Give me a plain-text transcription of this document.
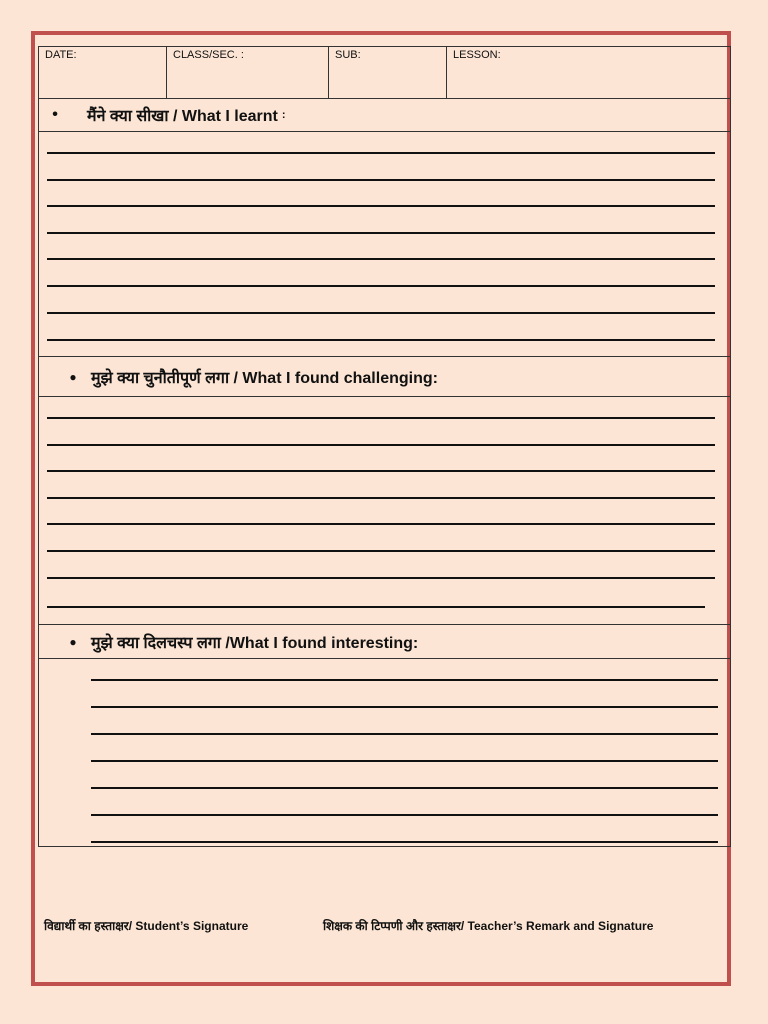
DATE:	CLASS/SEC. :	SUB:	LESSON:
•	मैंने क्या सीखा / What I learnt :
● मुझे क्या चुनौतीपूर्ण लगा / What I found challenging:
● मुझे क्या दिलचस्प लगा /What I found interesting:
विद्यार्थी का हस्ताक्षर/ Student’s Signature	शिक्षक की टिप्पणी और हस्ताक्षर/ Teacher’s Remark and Signature
